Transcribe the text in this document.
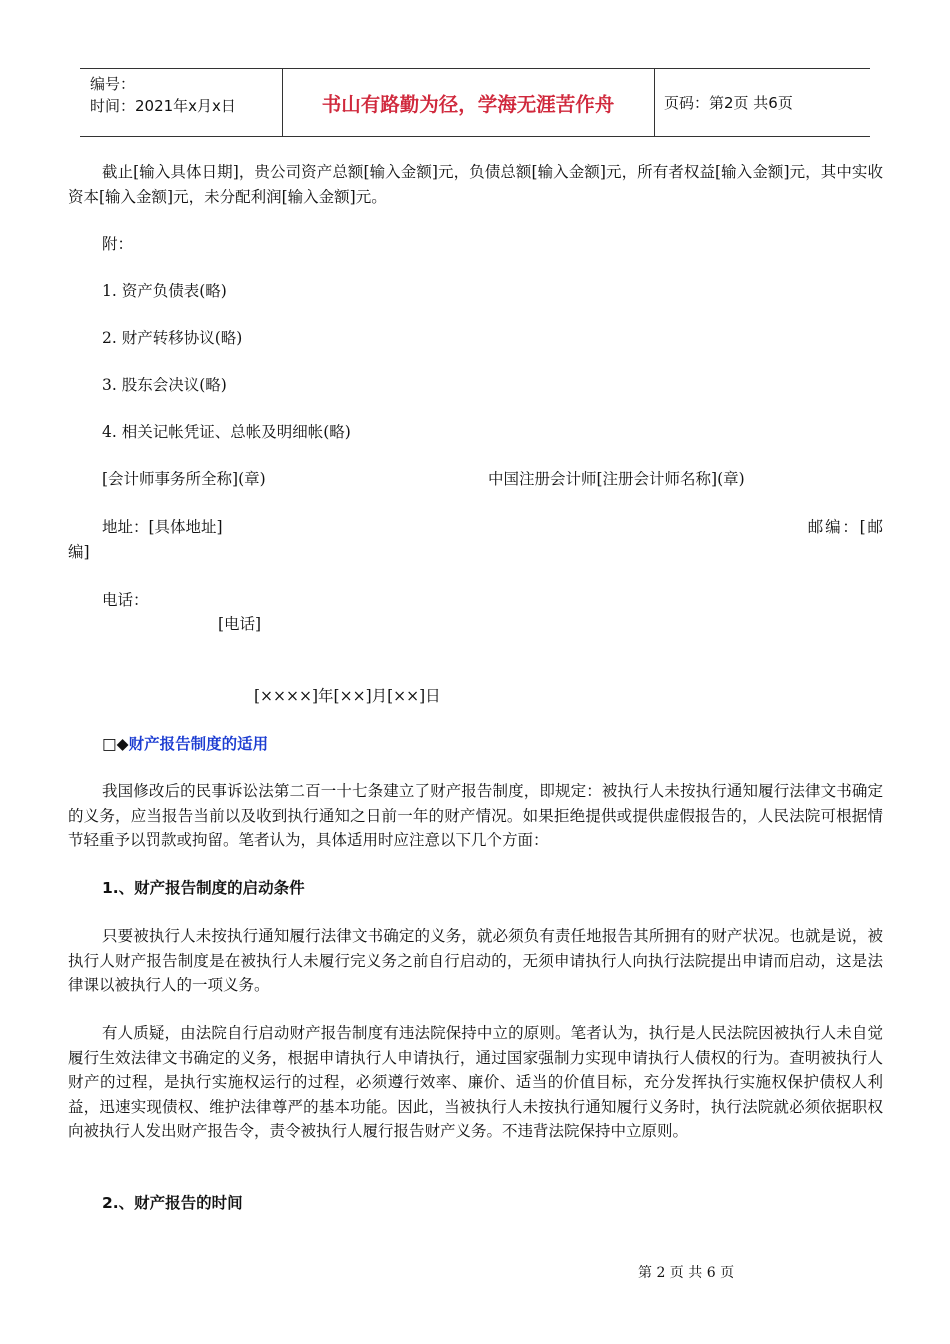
编号：
时间：2021年x月x日	书山有路勤为径，学海无涯苦作舟	页码：第2页 共6页
截止[输入具体日期]，贵公司资产总额[输入金额]元，负债总额[输入金额]元，所有者权益[输入金额]元，其中实收资本[输入金额]元，未分配利润[输入金额]元。
附：
1. 资产负债表(略)
2. 财产转移协议(略)
3. 股东会决议(略)
4. 相关记帐凭证、总帐及明细帐(略)
[会计师事务所全称](章)	中国注册会计师[注册会计师名称](章)
地址：[具体地址]	邮编：[邮编]
电话：
[电话]
[××××]年[××]月[××]日
□◆财产报告制度的适用
我国修改后的民事诉讼法第二百一十七条建立了财产报告制度，即规定：被执行人未按执行通知履行法律文书确定的义务，应当报告当前以及收到执行通知之日前一年的财产情况。如果拒绝提供或提供虚假报告的，人民法院可根据情节轻重予以罚款或拘留。笔者认为，具体适用时应注意以下几个方面：
1.、财产报告制度的启动条件
只要被执行人未按执行通知履行法律文书确定的义务，就必须负有责任地报告其所拥有的财产状况。也就是说，被执行人财产报告制度是在被执行人未履行完义务之前自行启动的，无须申请执行人向执行法院提出申请而启动，这是法律课以被执行人的一项义务。
有人质疑，由法院自行启动财产报告制度有违法院保持中立的原则。笔者认为，执行是人民法院因被执行人未自觉履行生效法律文书确定的义务，根据申请执行人申请执行，通过国家强制力实现申请执行人债权的行为。查明被执行人财产的过程，是执行实施权运行的过程，必须遵行效率、廉价、适当的价值目标，充分发挥执行实施权保护债权人利益，迅速实现债权、维护法律尊严的基本功能。因此，当被执行人未按执行通知履行义务时，执行法院就必须依据职权向被执行人发出财产报告令，责令被执行人履行报告财产义务。不违背法院保持中立原则。
2.、财产报告的时间
第 2 页 共 6 页
